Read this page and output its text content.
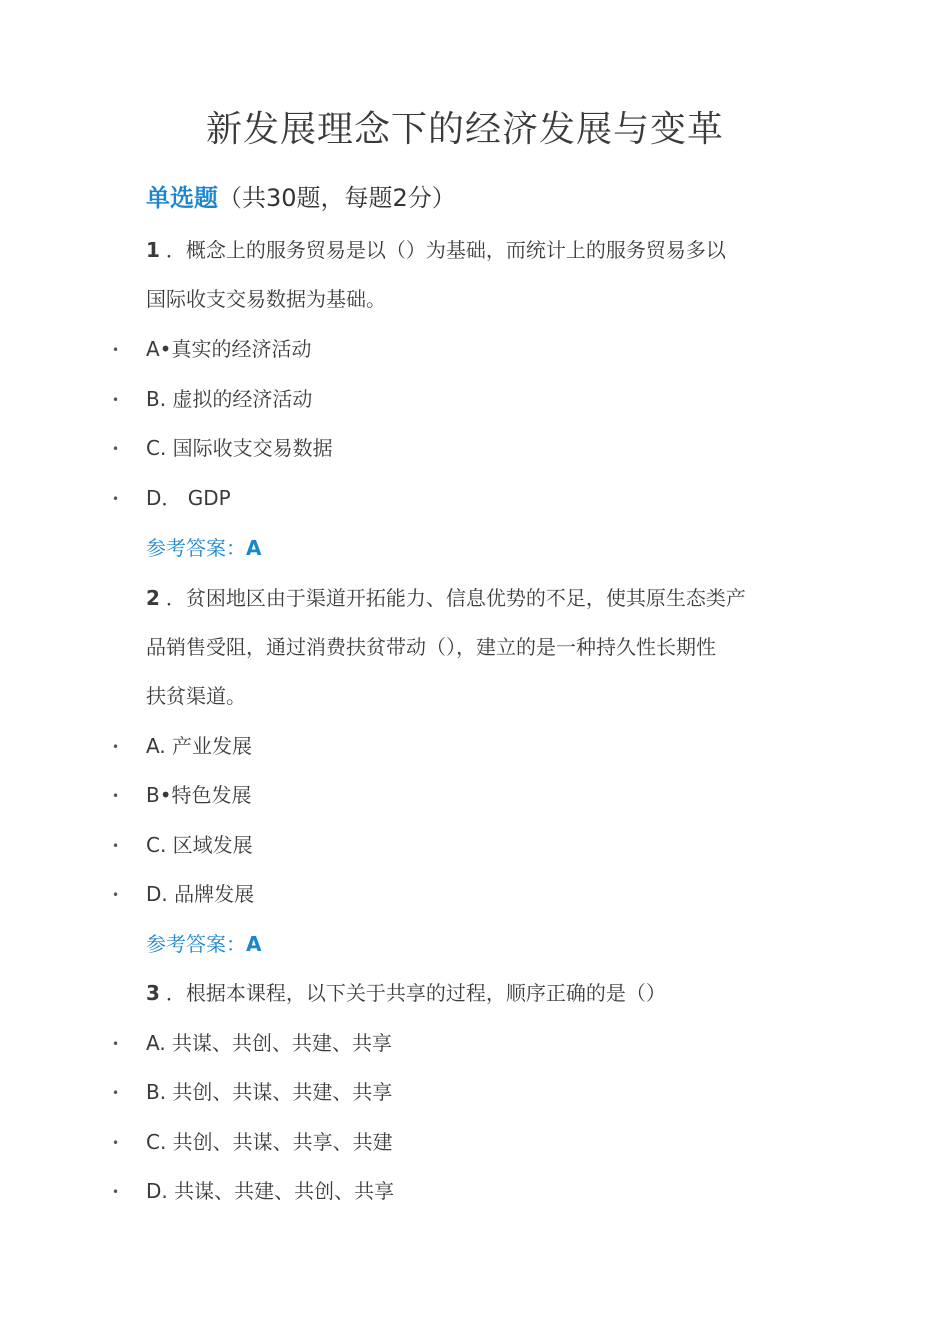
新发展理念下的经济发展与变革
单选题（共30题，每题2分）
1 ．概念上的服务贸易是以（）为基础，而统计上的服务贸易多以
国际收支交易数据为基础。
• A•真实的经济活动
• B. 虚拟的经济活动
• C. 国际收支交易数据
• D． GDP
参考答案：A
2 ．贫困地区由于渠道开拓能力、信息优势的不足，使其原生态类产
品销售受阻，通过消费扶贫带动（），建立的是一种持久性长期性
扶贫渠道。
• A. 产业发展
• B•特色发展
• C. 区域发展
• D. 品牌发展
参考答案：A
3 ．根据本课程，以下关于共享的过程，顺序正确的是（）
• A. 共谋、共创、共建、共享
• B. 共创、共谋、共建、共享
• C. 共创、共谋、共享、共建
• D. 共谋、共建、共创、共享
